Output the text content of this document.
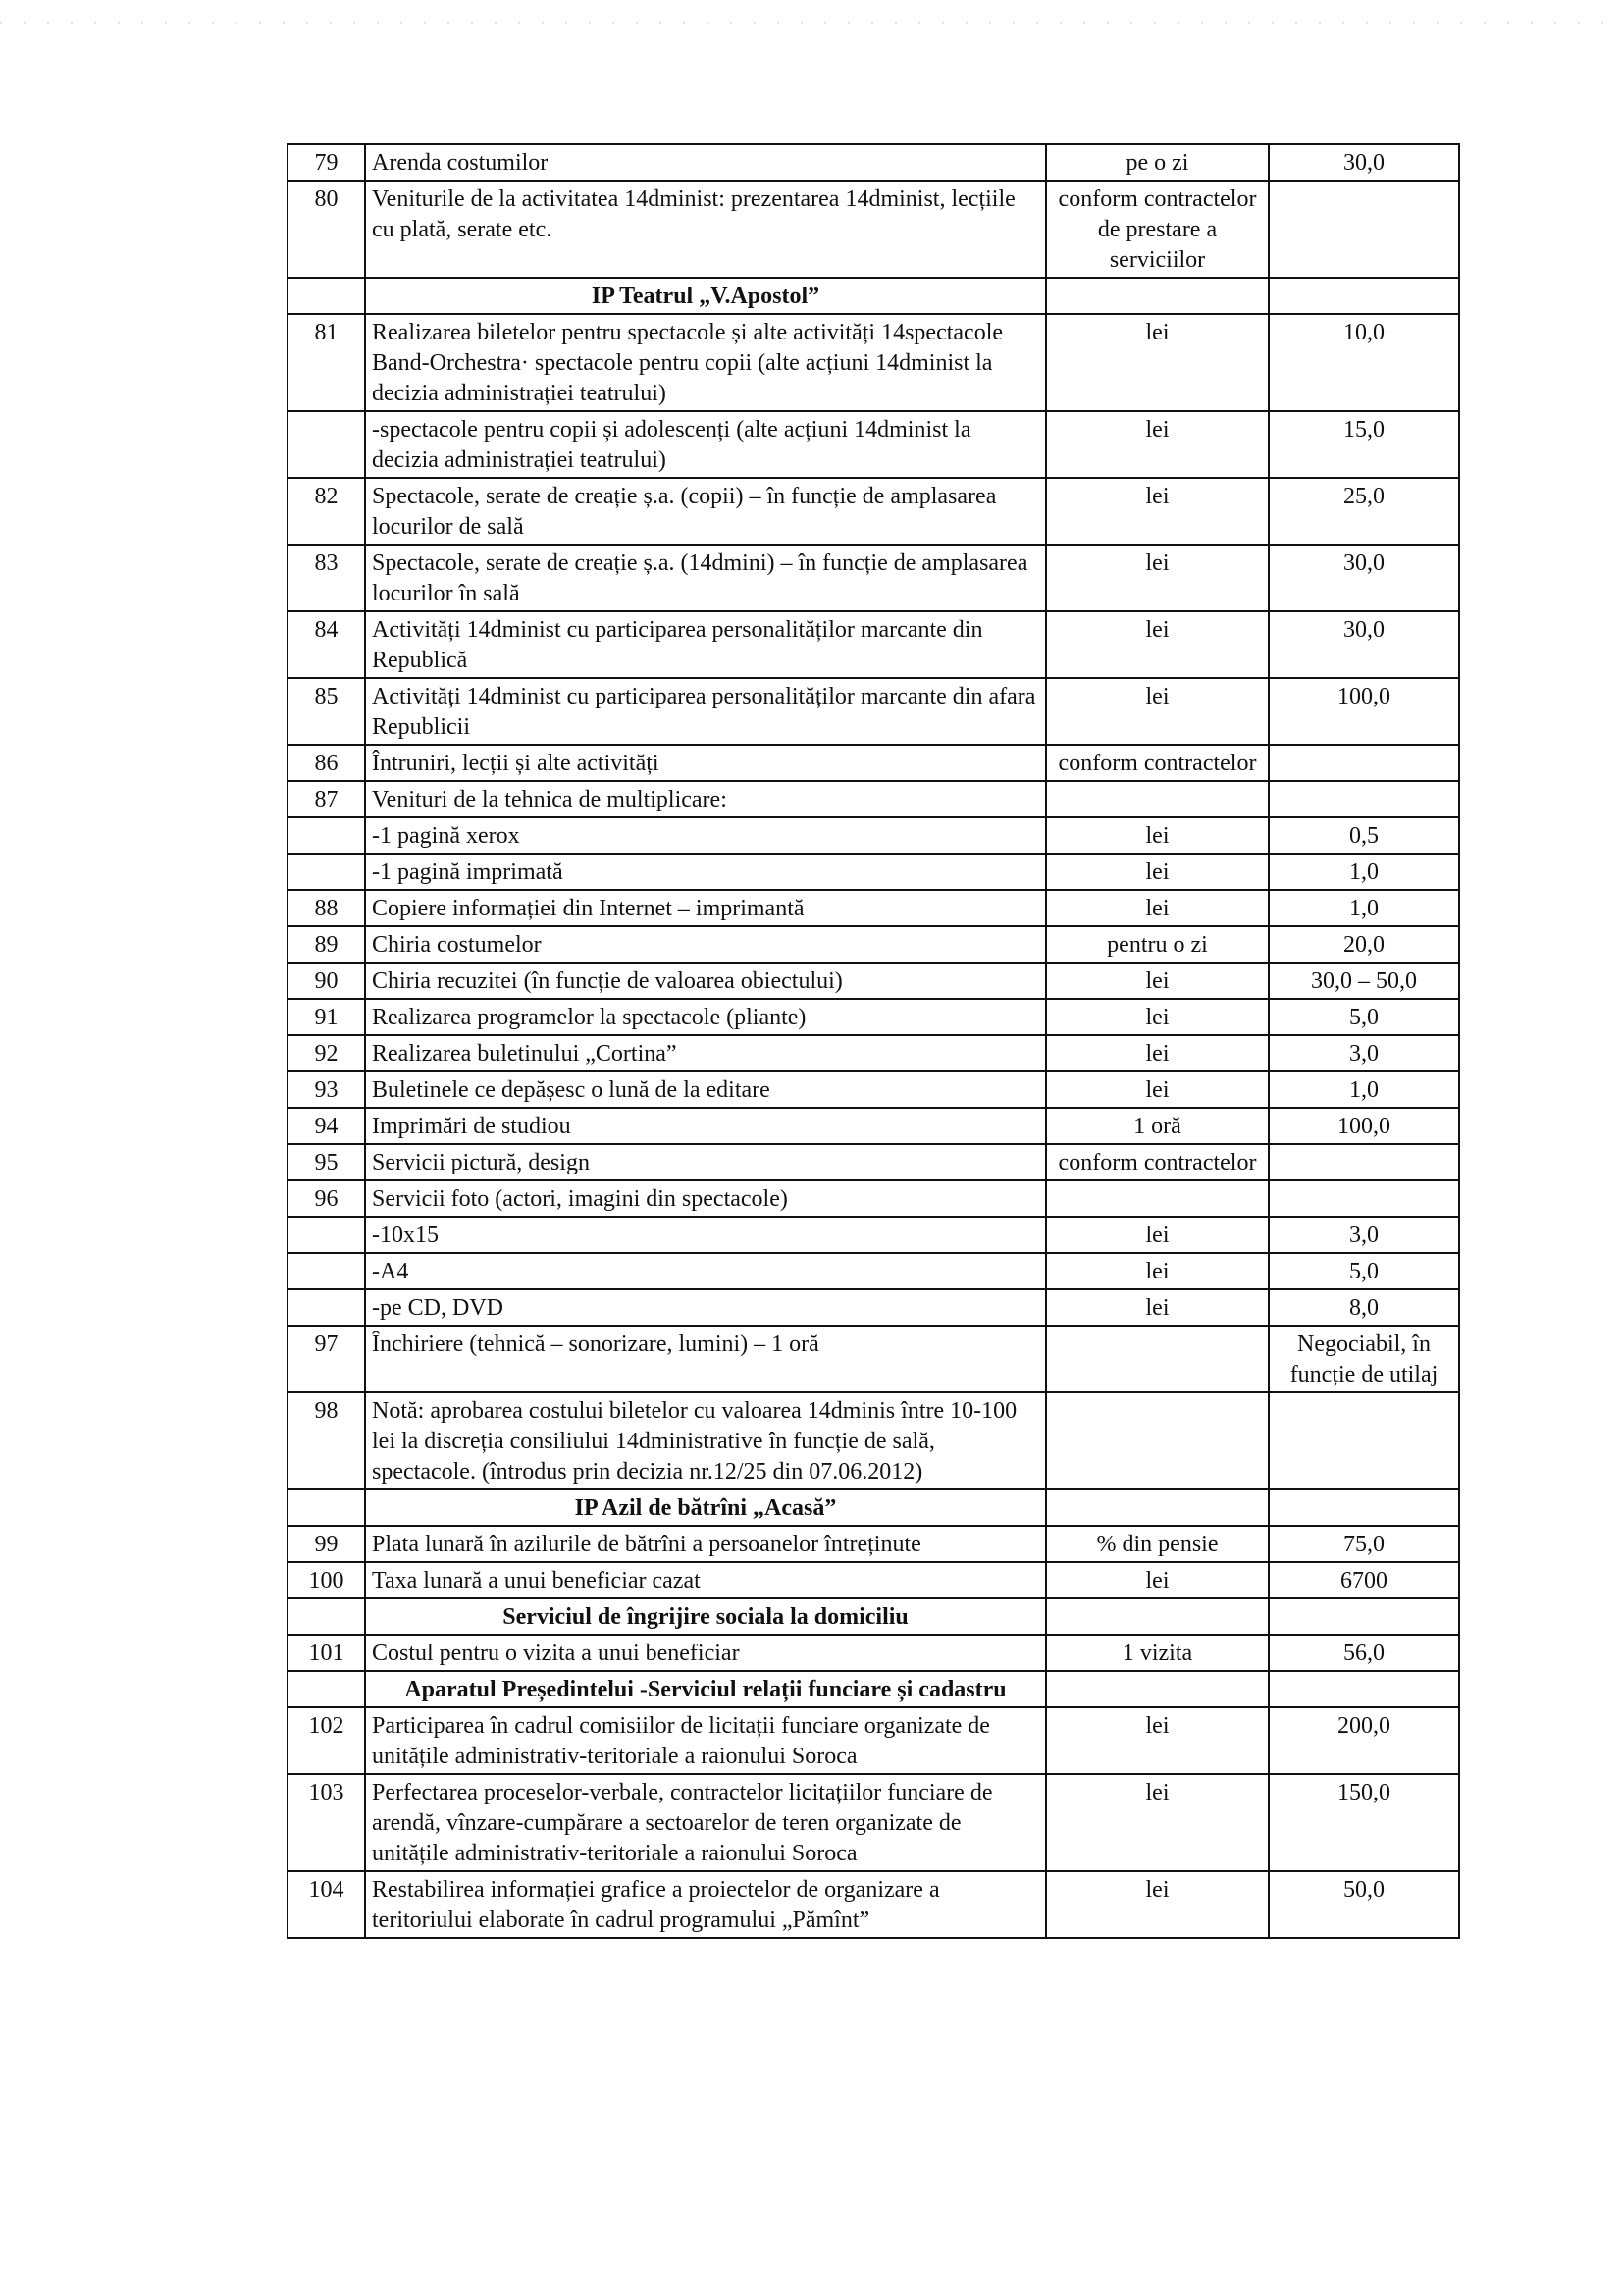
79	Arenda costumilor	pe o zi	30,0
80	Veniturile de la activitatea 14dminist: prezentarea 14dminist, lecțiile cu plată, serate etc.	conform contractelor de prestare a serviciilor	
	IP Teatrul „V.Apostol”		
81	Realizarea biletelor pentru spectacole și alte activități 14spectacole Band-Orchestra· spectacole pentru copii (alte acțiuni 14dminist la decizia administrației teatrului)	lei	10,0
	-spectacole pentru copii și adolescenți (alte acțiuni 14dminist la decizia administrației teatrului)	lei	15,0
82	Spectacole, serate de creație ș.a. (copii) – în funcție de amplasarea locurilor de sală	lei	25,0
83	Spectacole, serate de creație ș.a. (14dmini) – în funcție de amplasarea locurilor în sală	lei	30,0
84	Activități 14dminist cu participarea personalităților marcante din Republică	lei	30,0
85	Activități 14dminist cu participarea personalităților marcante din afara Republicii	lei	100,0
86	Întruniri, lecții și alte activități	conform contractelor	
87	Venituri de la tehnica de multiplicare:		
	-1 pagină xerox	lei	0,5
	-1 pagină imprimată	lei	1,0
88	Copiere informației din Internet – imprimantă	lei	1,0
89	Chiria costumelor	pentru o zi	20,0
90	Chiria recuzitei (în funcție de valoarea obiectului)	lei	30,0 – 50,0
91	Realizarea programelor la spectacole (pliante)	lei	5,0
92	Realizarea buletinului „Cortina”	lei	3,0
93	Buletinele ce depășesc o lună de la editare	lei	1,0
94	Imprimări de studiou	1 oră	100,0
95	Servicii pictură, design	conform contractelor	
96	Servicii foto (actori, imagini din spectacole)		
	-10x15	lei	3,0
	-A4	lei	5,0
	-pe CD, DVD	lei	8,0
97	Închiriere (tehnică – sonorizare, lumini) – 1 oră		Negociabil, în funcție de utilaj
98	Notă: aprobarea costului biletelor cu valoarea 14dminis între 10-100 lei la discreția consiliului 14dministrative în funcție de sală, spectacole. (întrodus prin decizia nr.12/25 din 07.06.2012)		
	IP Azil de bătrîni „Acasă”		
99	Plata lunară în azilurile de bătrîni a persoanelor întreținute	% din pensie	75,0
100	Taxa lunară a unui beneficiar cazat	lei	6700
	Serviciul de îngrijire sociala la domiciliu		
101	Costul pentru o vizita a unui beneficiar	1 vizita	56,0
	Aparatul Președintelui -Serviciul relații funciare și cadastru		
102	Participarea în cadrul comisiilor de licitații funciare organizate de unitățile administrativ-teritoriale a raionului Soroca	lei	200,0
103	Perfectarea proceselor-verbale, contractelor licitațiilor funciare de arendă, vînzare-cumpărare a sectoarelor de teren organizate de unitățile administrativ-teritoriale a raionului Soroca	lei	150,0
104	Restabilirea informației grafice a proiectelor de organizare a teritoriului elaborate în cadrul programului „Pămînt”	lei	50,0
